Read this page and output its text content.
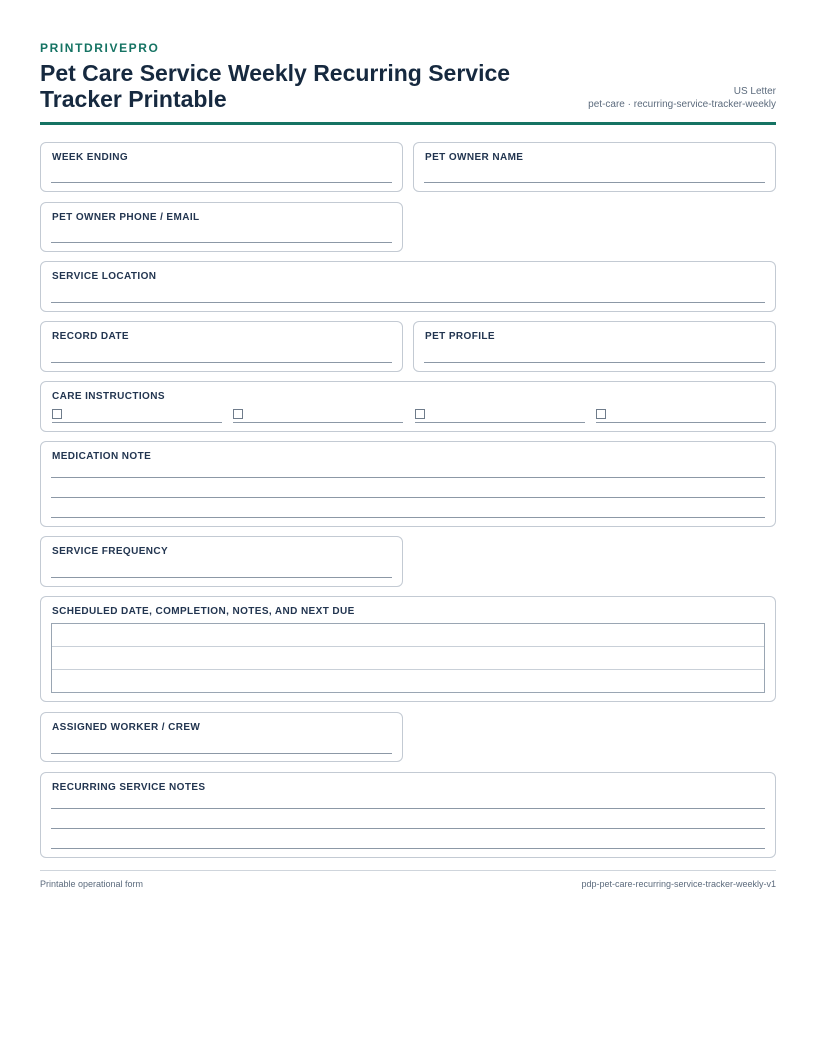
PRINTDRIVEPRO
Pet Care Service Weekly Recurring Service Tracker Printable	US Letter
pet-care · recurring-service-tracker-weekly
WEEK ENDING	PET OWNER NAME
PET OWNER PHONE / EMAIL
SERVICE LOCATION
RECORD DATE	PET PROFILE
CARE INSTRUCTIONS
MEDICATION NOTE
SERVICE FREQUENCY
SCHEDULED DATE, COMPLETION, NOTES, AND NEXT DUE
ASSIGNED WORKER / CREW
RECURRING SERVICE NOTES
Printable operational form	pdp-pet-care-recurring-service-tracker-weekly-v1
